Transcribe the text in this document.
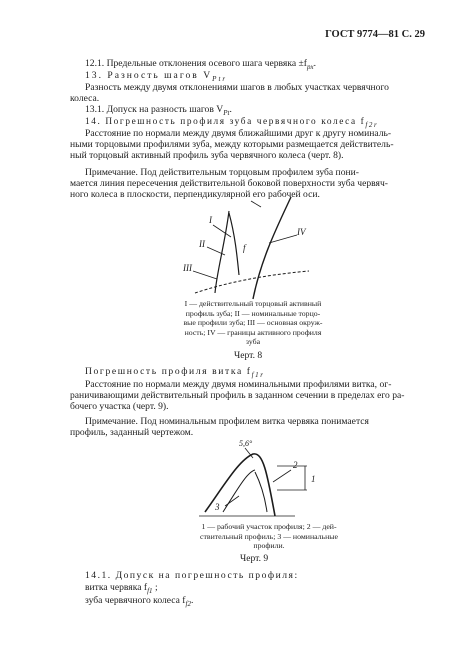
ГОСТ 9774—81 С. 29
12.1. Предельные отклонения осевого шага червяка $\pm f_{px}$.
13. Разность шагов $V_{Ptr}$
Разность между двумя отклонениями шагов в любых участках червячного
колеса.
13.1. Допуск на разность шагов $V_{Pt}$.
14. Погрешность профиля зуба червячного колеса $f_{f2r}$
Расстояние по нормали между двумя ближайшими друг к другу номиналь-
ными торцовыми профилями зуба, между которыми размещается действитель-
ный торцовый активный профиль зуба червячного колеса (черт. 8).
Примечание. Под действительным торцовым профилем зуба пони-
мается линия пересечения действительной боковой поверхности зуба червяч-
ного колеса в плоскости, перпендикулярной его рабочей оси.
I
II
III
IV
f
I — действительный торцовый активный
профиль зуба; II — номинальные торцо-
вые профили зуба; III — основная окруж-
ность; IV — границы активного профиля
зуба
Черт. 8
Погрешность профиля витка $f_{f1r}$
Расстояние по нормали между двумя номинальными профилями витка, ог-
раничивающими действительный профиль в заданном сечении в пределах его ра-
бочего участка (черт. 9).
Примечание. Под номинальным профилем витка червяка понимается
профиль, заданный чертежом.
5,6°
1
2
3
1 — рабочий участок профиля; 2 — дей-
ствительный профиль; 3 — номинальные
профили.
Черт. 9
14.1. Допуск на погрешность профиля:
витка червяка $f_{f1}$ ;
зуба червячного колеса $f_{f2}$.
